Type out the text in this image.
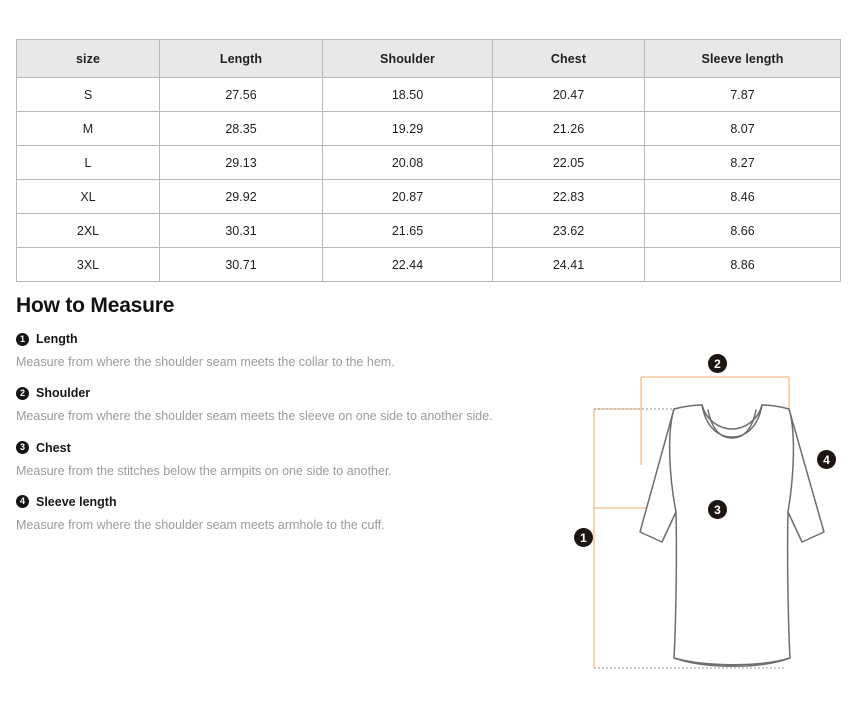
size	Length	Shoulder	Chest	Sleeve length
S	27.56	18.50	20.47	7.87
M	28.35	19.29	21.26	8.07
L	29.13	20.08	22.05	8.27
XL	29.92	20.87	22.83	8.46
2XL	30.31	21.65	23.62	8.66
3XL	30.71	22.44	24.41	8.86
How to Measure
1 Length

Measure from where the shoulder seam meets the collar to the hem.

2 Shoulder

Measure from where the shoulder seam meets the sleeve on one side to another side.

3 Chest

Measure from the stitches below the armpits on one side to another.

4 Sleeve length

Measure from where the shoulder seam meets armhole to the cuff.

1
2
3
4
